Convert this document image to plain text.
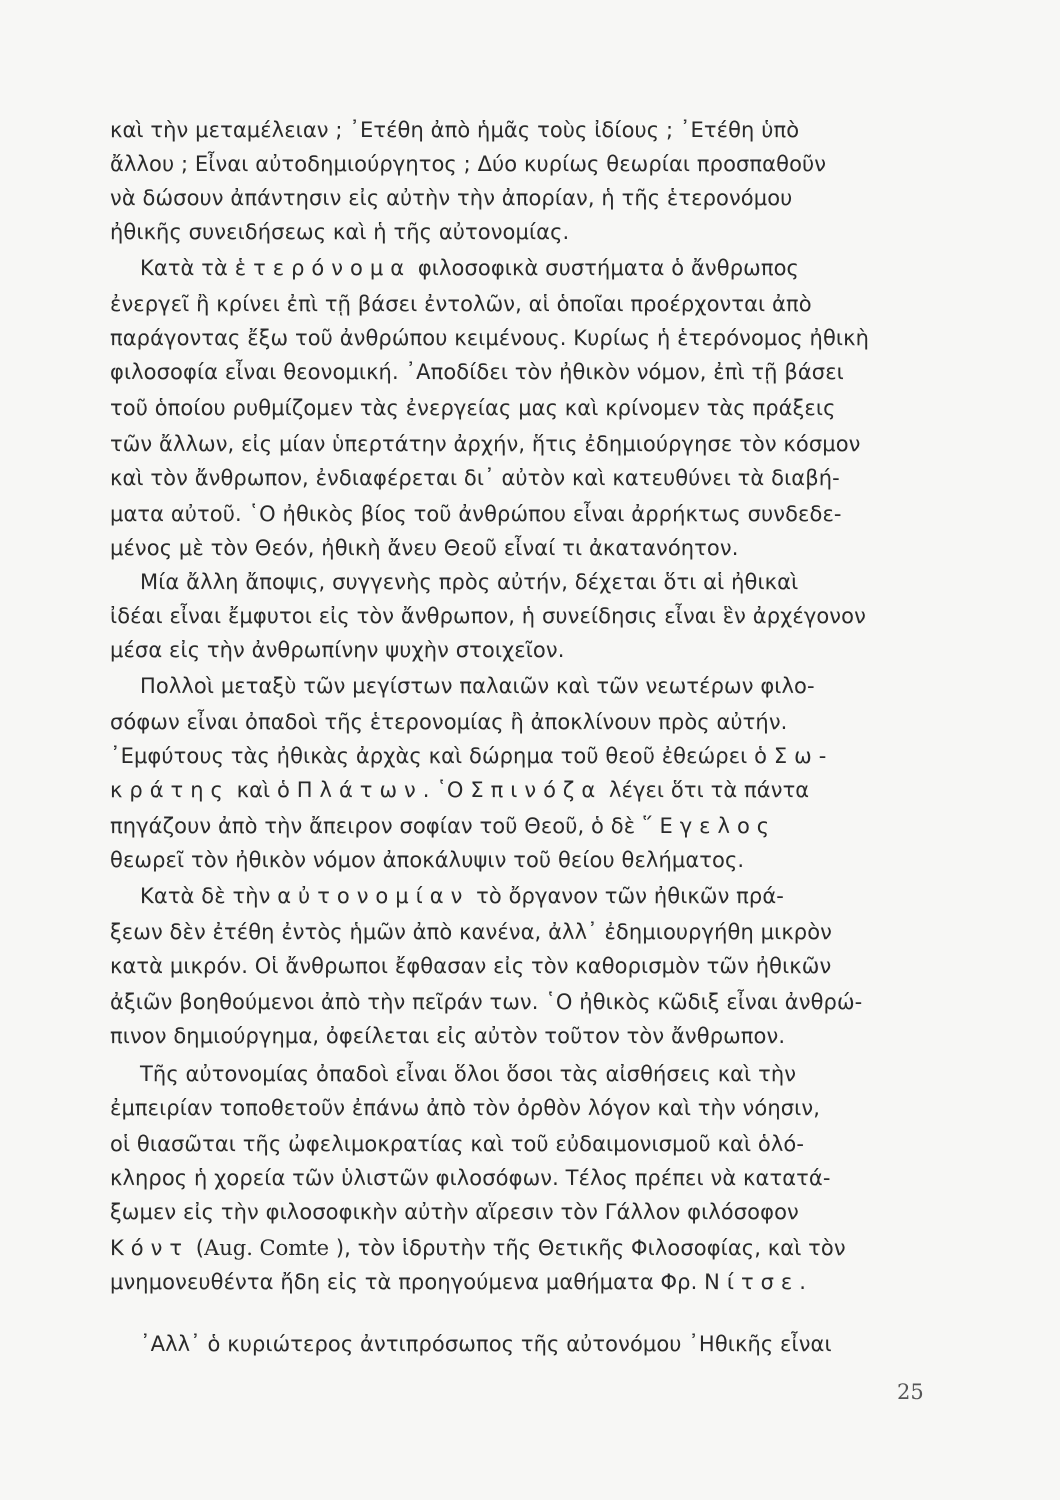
καὶ τὴν μεταμέλειαν ; ᾿Ετέθη ἀπὸ ἡμᾶς τοὺς ἰδίους ; ᾿Ετέθη ὑπὸ
ἄλλου ; Εἶναι αὐτοδημιούργητος ; Δύο κυρίως θεωρίαι προσπαθοῦν
νὰ δώσουν ἀπάντησιν εἰς αὐτὴν τὴν ἀπορίαν, ἡ τῆς ἑτερονόμου
ἠθικῆς συνειδήσεως καὶ ἡ τῆς αὐτονομίας.
Κατὰ τὰ ἑτερόνομα φιλοσοφικὰ συστήματα ὁ ἄνθρωπος
ἐνεργεῖ ἢ κρίνει ἐπὶ τῇ βάσει ἐντολῶν, αἱ ὁποῖαι προέρχονται ἀπὸ
παράγοντας ἔξω τοῦ ἀνθρώπου κειμένους. Κυρίως ἡ ἑτερόνομος ἠθικὴ
φιλοσοφία εἶναι θεονομική. ᾿Αποδίδει τὸν ἠθικὸν νόμον, ἐπὶ τῇ βάσει
τοῦ ὁποίου ρυθμίζομεν τὰς ἐνεργείας μας καὶ κρίνομεν τὰς πράξεις
τῶν ἄλλων, εἰς μίαν ὑπερτάτην ἀρχήν, ἥτις ἐδημιούργησε τὸν κόσμον
καὶ τὸν ἄνθρωπον, ἐνδιαφέρεται δι᾿ αὐτὸν καὶ κατευθύνει τὰ διαβή-
ματα αὐτοῦ. ῾Ο ἠθικὸς βίος τοῦ ἀνθρώπου εἶναι ἀρρήκτως συνδεδε-
μένος μὲ τὸν Θεόν, ἠθικὴ ἄνευ Θεοῦ εἶναί τι ἀκατανόητον.
Μία ἄλλη ἄποψις, συγγενὴς πρὸς αὐτήν, δέχεται ὅτι αἱ ἠθικαὶ
ἰδέαι εἶναι ἔμφυτοι εἰς τὸν ἄνθρωπον, ἡ συνείδησις εἶναι ἓν ἀρχέγονον
μέσα εἰς τὴν ἀνθρωπίνην ψυχὴν στοιχεῖον.
Πολλοὶ μεταξὺ τῶν μεγίστων παλαιῶν καὶ τῶν νεωτέρων φιλο-
σόφων εἶναι ὀπαδοὶ τῆς ἑτερονομίας ἢ ἀποκλίνουν πρὸς αὐτήν.
᾿Εμφύτους τὰς ἠθικὰς ἀρχὰς καὶ δώρημα τοῦ θεοῦ ἐθεώρει ὁ Σω-
κράτης καὶ ὁ Πλάτων. ῾Ο Σπινόζα λέγει ὅτι τὰ πάντα
πηγάζουν ἀπὸ τὴν ἄπειρον σοφίαν τοῦ Θεοῦ, ὁ δὲ ῞Εγελος
θεωρεῖ τὸν ἠθικὸν νόμον ἀποκάλυψιν τοῦ θείου θελήματος.
Κατὰ δὲ τὴν αὐτονομίαν τὸ ὄργανον τῶν ἠθικῶν πρά-
ξεων δὲν ἐτέθη ἐντὸς ἡμῶν ἀπὸ κανένα, ἀλλ᾿ ἐδημιουργήθη μικρὸν
κατὰ μικρόν. Οἱ ἄνθρωποι ἔφθασαν εἰς τὸν καθορισμὸν τῶν ἠθικῶν
ἀξιῶν βοηθούμενοι ἀπὸ τὴν πεῖράν των. ῾Ο ἠθικὸς κῶδιξ εἶναι ἀνθρώ-
πινον δημιούργημα, ὀφείλεται εἰς αὐτὸν τοῦτον τὸν ἄνθρωπον.
Τῆς αὐτονομίας ὀπαδοὶ εἶναι ὅλοι ὅσοι τὰς αἰσθήσεις καὶ τὴν
ἐμπειρίαν τοποθετοῦν ἐπάνω ἀπὸ τὸν ὀρθὸν λόγον καὶ τὴν νόησιν,
οἱ θιασῶται τῆς ὠφελιμοκρατίας καὶ τοῦ εὐδαιμονισμοῦ καὶ ὁλό-
κληρος ἡ χορεία τῶν ὑλιστῶν φιλοσόφων. Τέλος πρέπει νὰ κατατά-
ξωμεν εἰς τὴν φιλοσοφικὴν αὐτὴν αἵρεσιν τὸν Γάλλον φιλόσοφον
Κόντ (Aug. Comte ), τὸν ἱδρυτὴν τῆς Θετικῆς Φιλοσοφίας, καὶ τὸν
μνημονευθέντα ἤδη εἰς τὰ προηγούμενα μαθήματα Φρ. Νίτσε.
᾿Αλλ᾿ ὁ κυριώτερος ἀντιπρόσωπος τῆς αὐτονόμου ᾿Ηθικῆς εἶναι
25
